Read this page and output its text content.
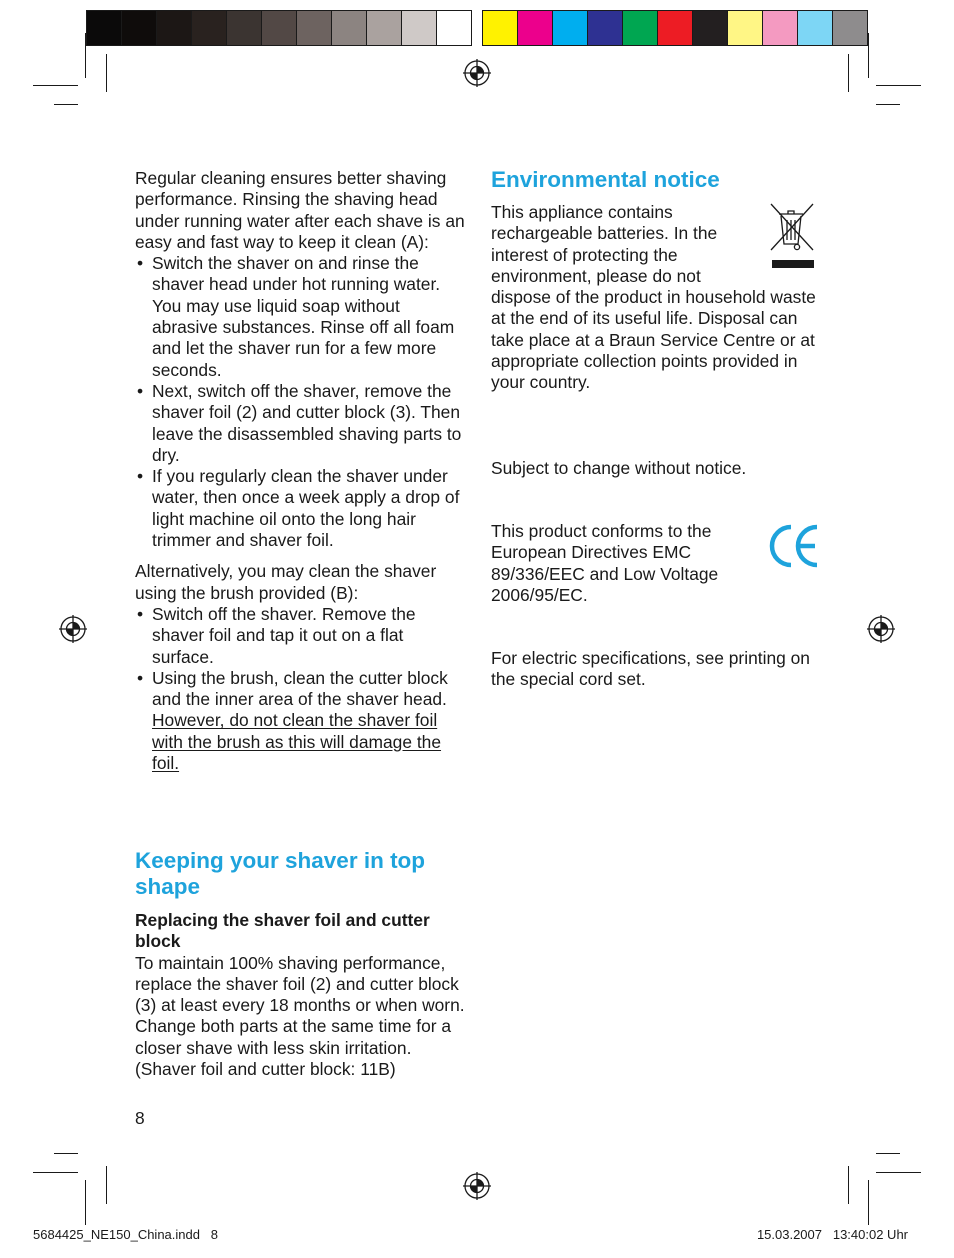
Regular cleaning ensures better shaving performance. Rinsing the shaving head under running water after each shave is an easy and fast way to keep it clean (A):

• Switch the shaver on and rinse the shaver head under hot running water. You may use liquid soap without abrasive substances. Rinse off all foam and let the shaver run for a few more seconds.
• Next, switch off the shaver, remove the shaver foil (2) and cutter block (3). Then leave the disassembled shaving parts to dry.
• If you regularly clean the shaver under water, then once a week apply a drop of light machine oil onto the long hair trimmer and shaver foil.

Alternatively, you may clean the shaver using the brush provided (B):

• Switch off the shaver. Remove the shaver foil and tap it out on a flat surface.
• Using the brush, clean the cutter block and the inner area of the shaver head. However, do not clean the shaver foil with the brush as this will damage the foil.
Keeping your shaver in top shape

Replacing the shaver foil and cutter block

To maintain 100% shaving performance, replace the shaver foil (2) and cutter block (3) at least every 18 months or when worn. Change both parts at the same time for a closer shave with less skin irritation.

(Shaver foil and cutter block: 11B)

8
Environmental notice
This appliance contains rechargeable batteries. In the interest of protecting the environment, please do not dispose of the product in household waste at the end of its useful life. Disposal can take place at a Braun Service Centre or at appropriate collection points provided in your country.
Subject to change without notice.
This product conforms to the European Directives EMC 89/336/EEC and Low Voltage 2006/95/EC.
For electric specifications, see printing on the special cord set.
5684425_NE150_China.indd   8	15.03.2007   13:40:02 Uhr
